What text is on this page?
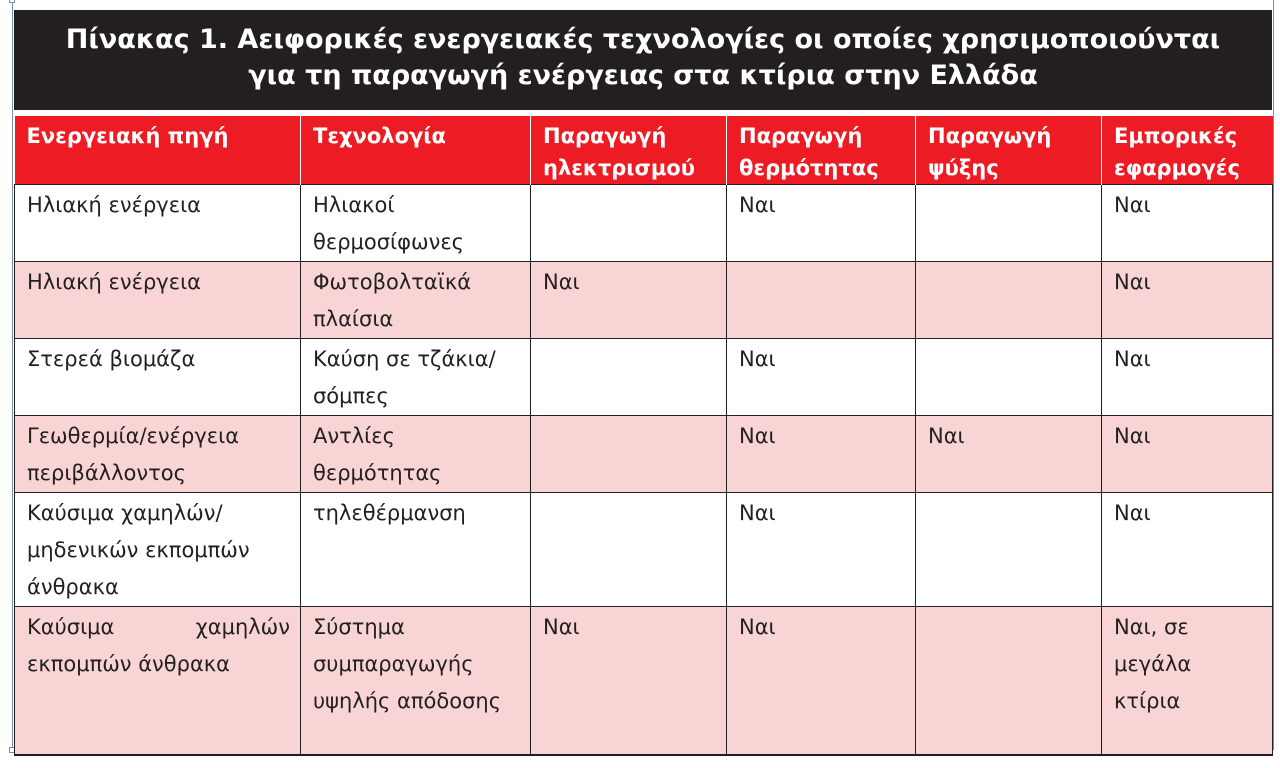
Πίνακας 1. Αειφορικές ενεργειακές τεχνολογίες οι οποίες χρησιμοποιούνται
για τη παραγωγή ενέργειας στα κτίρια στην Ελλάδα
Ενεργειακή πηγή	Τεχνολογία	Παραγωγή ηλεκτρισμού	Παραγωγή θερμότητας	Παραγωγή ψύξης	Εμπορικές εφαρμογές
Ηλιακή ενέργεια	Ηλιακοί θερμοσίφωνες		Ναι		Ναι
Ηλιακή ενέργεια	Φωτοβολταϊκά πλαίσια	Ναι			Ναι
Στερεά βιομάζα	Καύση σε τζάκια/σόμπες		Ναι		Ναι
Γεωθερμία/ενέργεια περιβάλλοντος	Αντλίες θερμότητας		Ναι	Ναι	Ναι
Καύσιμα χαμηλών/μηδενικών εκπομπών άνθρακα	τηλεθέρμανση		Ναι		Ναι
Καύσιμα χαμηλών εκπομπών άνθρακα	Σύστημα συμπαραγωγής υψηλής απόδοσης	Ναι	Ναι		Ναι, σε μεγάλα κτίρια
